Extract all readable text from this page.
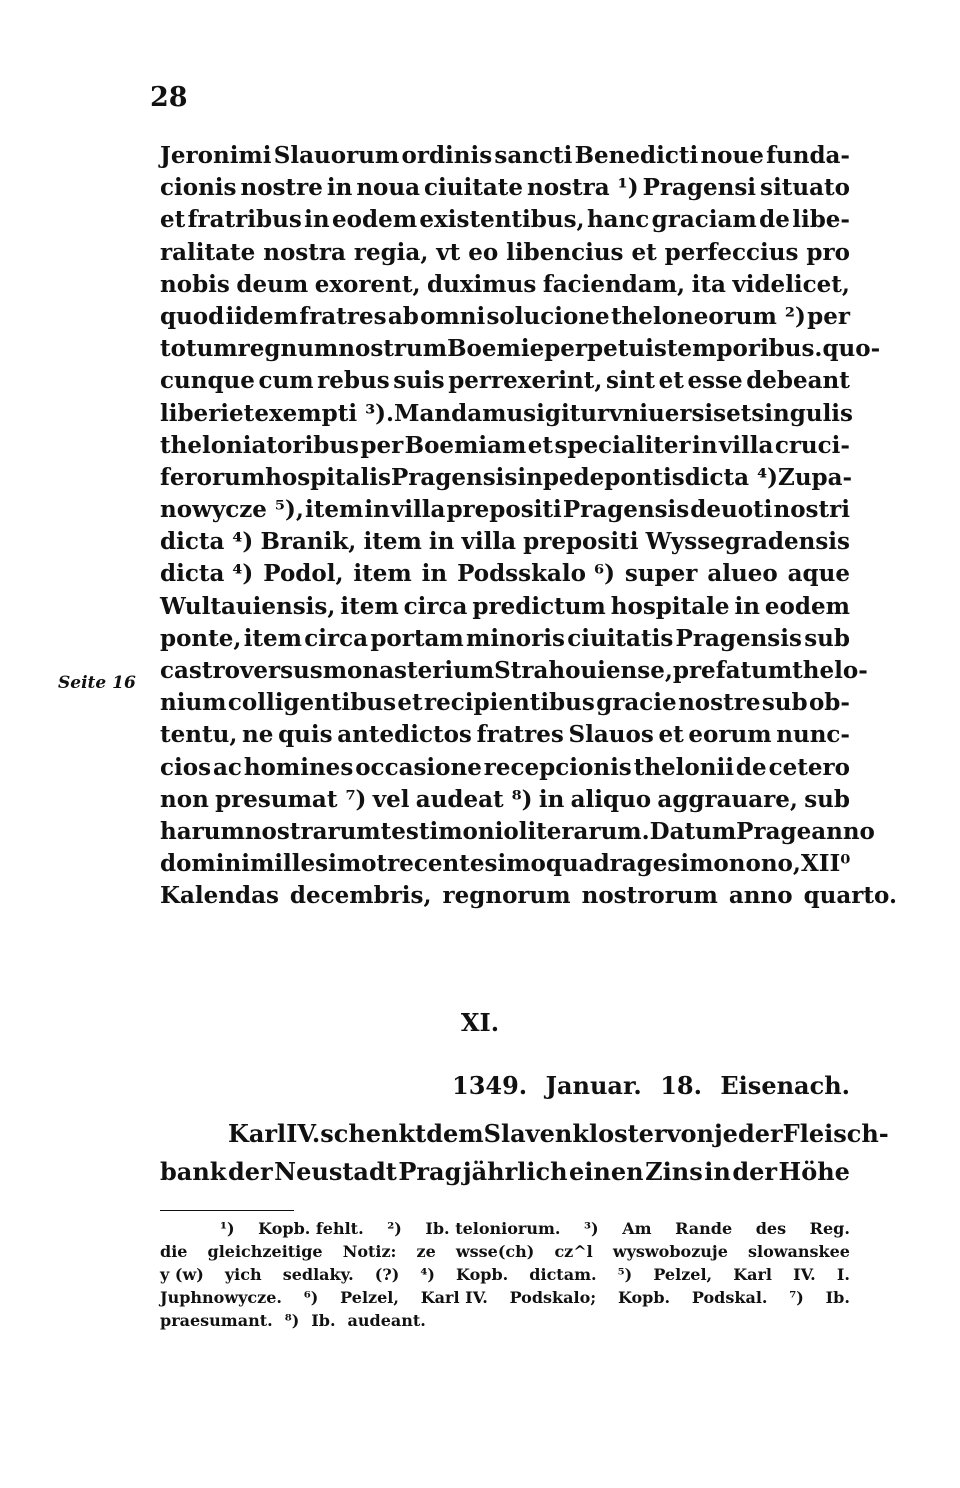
28
Seite 16
Jeronimi Slauorum ordinis sancti Benedicti noue funda-
cionis nostre in noua ciuitate nostra ¹) Pragensi situato
et fratribus in eodem existentibus, hanc graciam de libe-
ralitate nostra regia, vt eo libencius et perfeccius pro
nobis deum exorent, duximus faciendam, ita videlicet,
quod iidem fratres ab omni solucione theloneorum ²) per
totum regnum nostrum Boemie perpetuis temporibus. quo-
cunque cum rebus suis perrexerint, sint et esse debeant
liberi et exempti ³). Mandamus igitur vniuersis et singulis
theloniatoribus per Boemiam et specialiter in villa cruci-
ferorum hospitalis Pragensis in pede pontis dicta ⁴) Zupa-
nowycze ⁵), item in villa prepositi Pragensis deuoti nostri
dicta ⁴) Branik, item in villa prepositi Wyssegradensis
dicta ⁴) Podol, item in Podsskalo ⁶) super alueo aque
Wultauiensis, item circa predictum hospitale in eodem
ponte, item circa portam minoris ciuitatis Pragensis sub
castro versus monasterium Strahouiense, prefatum thelo-
nium colligentibus et recipientibus gracie nostre sub ob-
tentu, ne quis antedictos fratres Slauos et eorum nunc-
cios ac homines occasione recepcionis thelonii de cetero
non presumat ⁷) vel audeat ⁸) in aliquo aggrauare, sub
harum nostrarum testimonio literarum. Datum Prage anno
domini millesimo trecentesimo quadragesimo nono, XII⁰
Kalendas decembris, regnorum nostrorum anno quarto.
XI.
1349. Januar. 18. Eisenach.
Karl IV. schenkt dem Slavenkloster von jeder Fleisch-
bank der Neustadt Prag jährlich einen Zins in der Höhe
¹) Kopb. fehlt. ²) Ib. teloniorum. ³) Am Rande des Reg.
die gleichzeitige Notiz: ze wsse(ch) cz^l wyswobozuje slowanskee
y (w) yich sedlaky. (?) ⁴) Kopb. dictam. ⁵) Pelzel, Karl IV. I.
Juphnowycze. ⁶) Pelzel, Karl IV. Podskalo; Kopb. Podskal. ⁷) Ib.
praesumant. ⁸) Ib. audeant.
